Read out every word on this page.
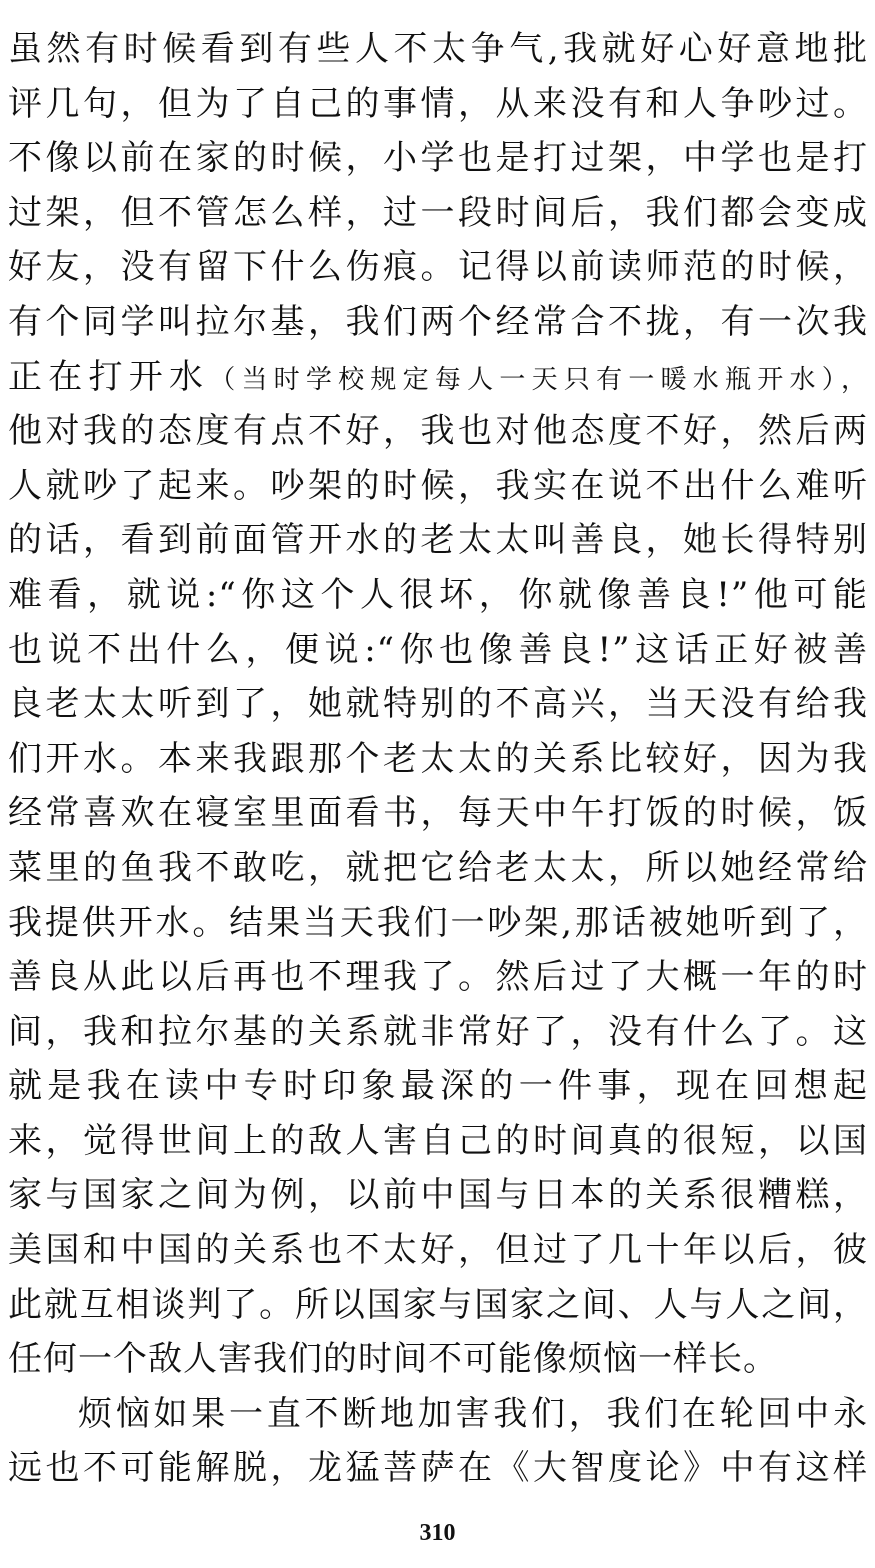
虽然有时候看到有些人不太争气,我就好心好意地批
评几句，但为了自己的事情，从来没有和人争吵过。
不像以前在家的时候，小学也是打过架，中学也是打
过架，但不管怎么样，过一段时间后，我们都会变成
好友，没有留下什么伤痕。记得以前读师范的时候，
有个同学叫拉尔基，我们两个经常合不拢，有一次我
正在打开水（当时学校规定每人一天只有一暖水瓶开水），
他对我的态度有点不好，我也对他态度不好，然后两
人就吵了起来。吵架的时候，我实在说不出什么难听
的话，看到前面管开水的老太太叫善良，她长得特别
难看，就说:“你这个人很坏，你就像善良!”他可能
也说不出什么，便说:“你也像善良!”这话正好被善
良老太太听到了，她就特别的不高兴，当天没有给我
们开水。本来我跟那个老太太的关系比较好，因为我
经常喜欢在寝室里面看书，每天中午打饭的时候，饭
菜里的鱼我不敢吃，就把它给老太太，所以她经常给
我提供开水。结果当天我们一吵架,那话被她听到了，
善良从此以后再也不理我了。然后过了大概一年的时
间，我和拉尔基的关系就非常好了，没有什么了。这
就是我在读中专时印象最深的一件事，现在回想起
来，觉得世间上的敌人害自己的时间真的很短，以国
家与国家之间为例，以前中国与日本的关系很糟糕，
美国和中国的关系也不太好，但过了几十年以后，彼
此就互相谈判了。所以国家与国家之间、人与人之间，
任何一个敌人害我们的时间不可能像烦恼一样长。
烦恼如果一直不断地加害我们，我们在轮回中永
远也不可能解脱，龙猛菩萨在《大智度论》中有这样
310
